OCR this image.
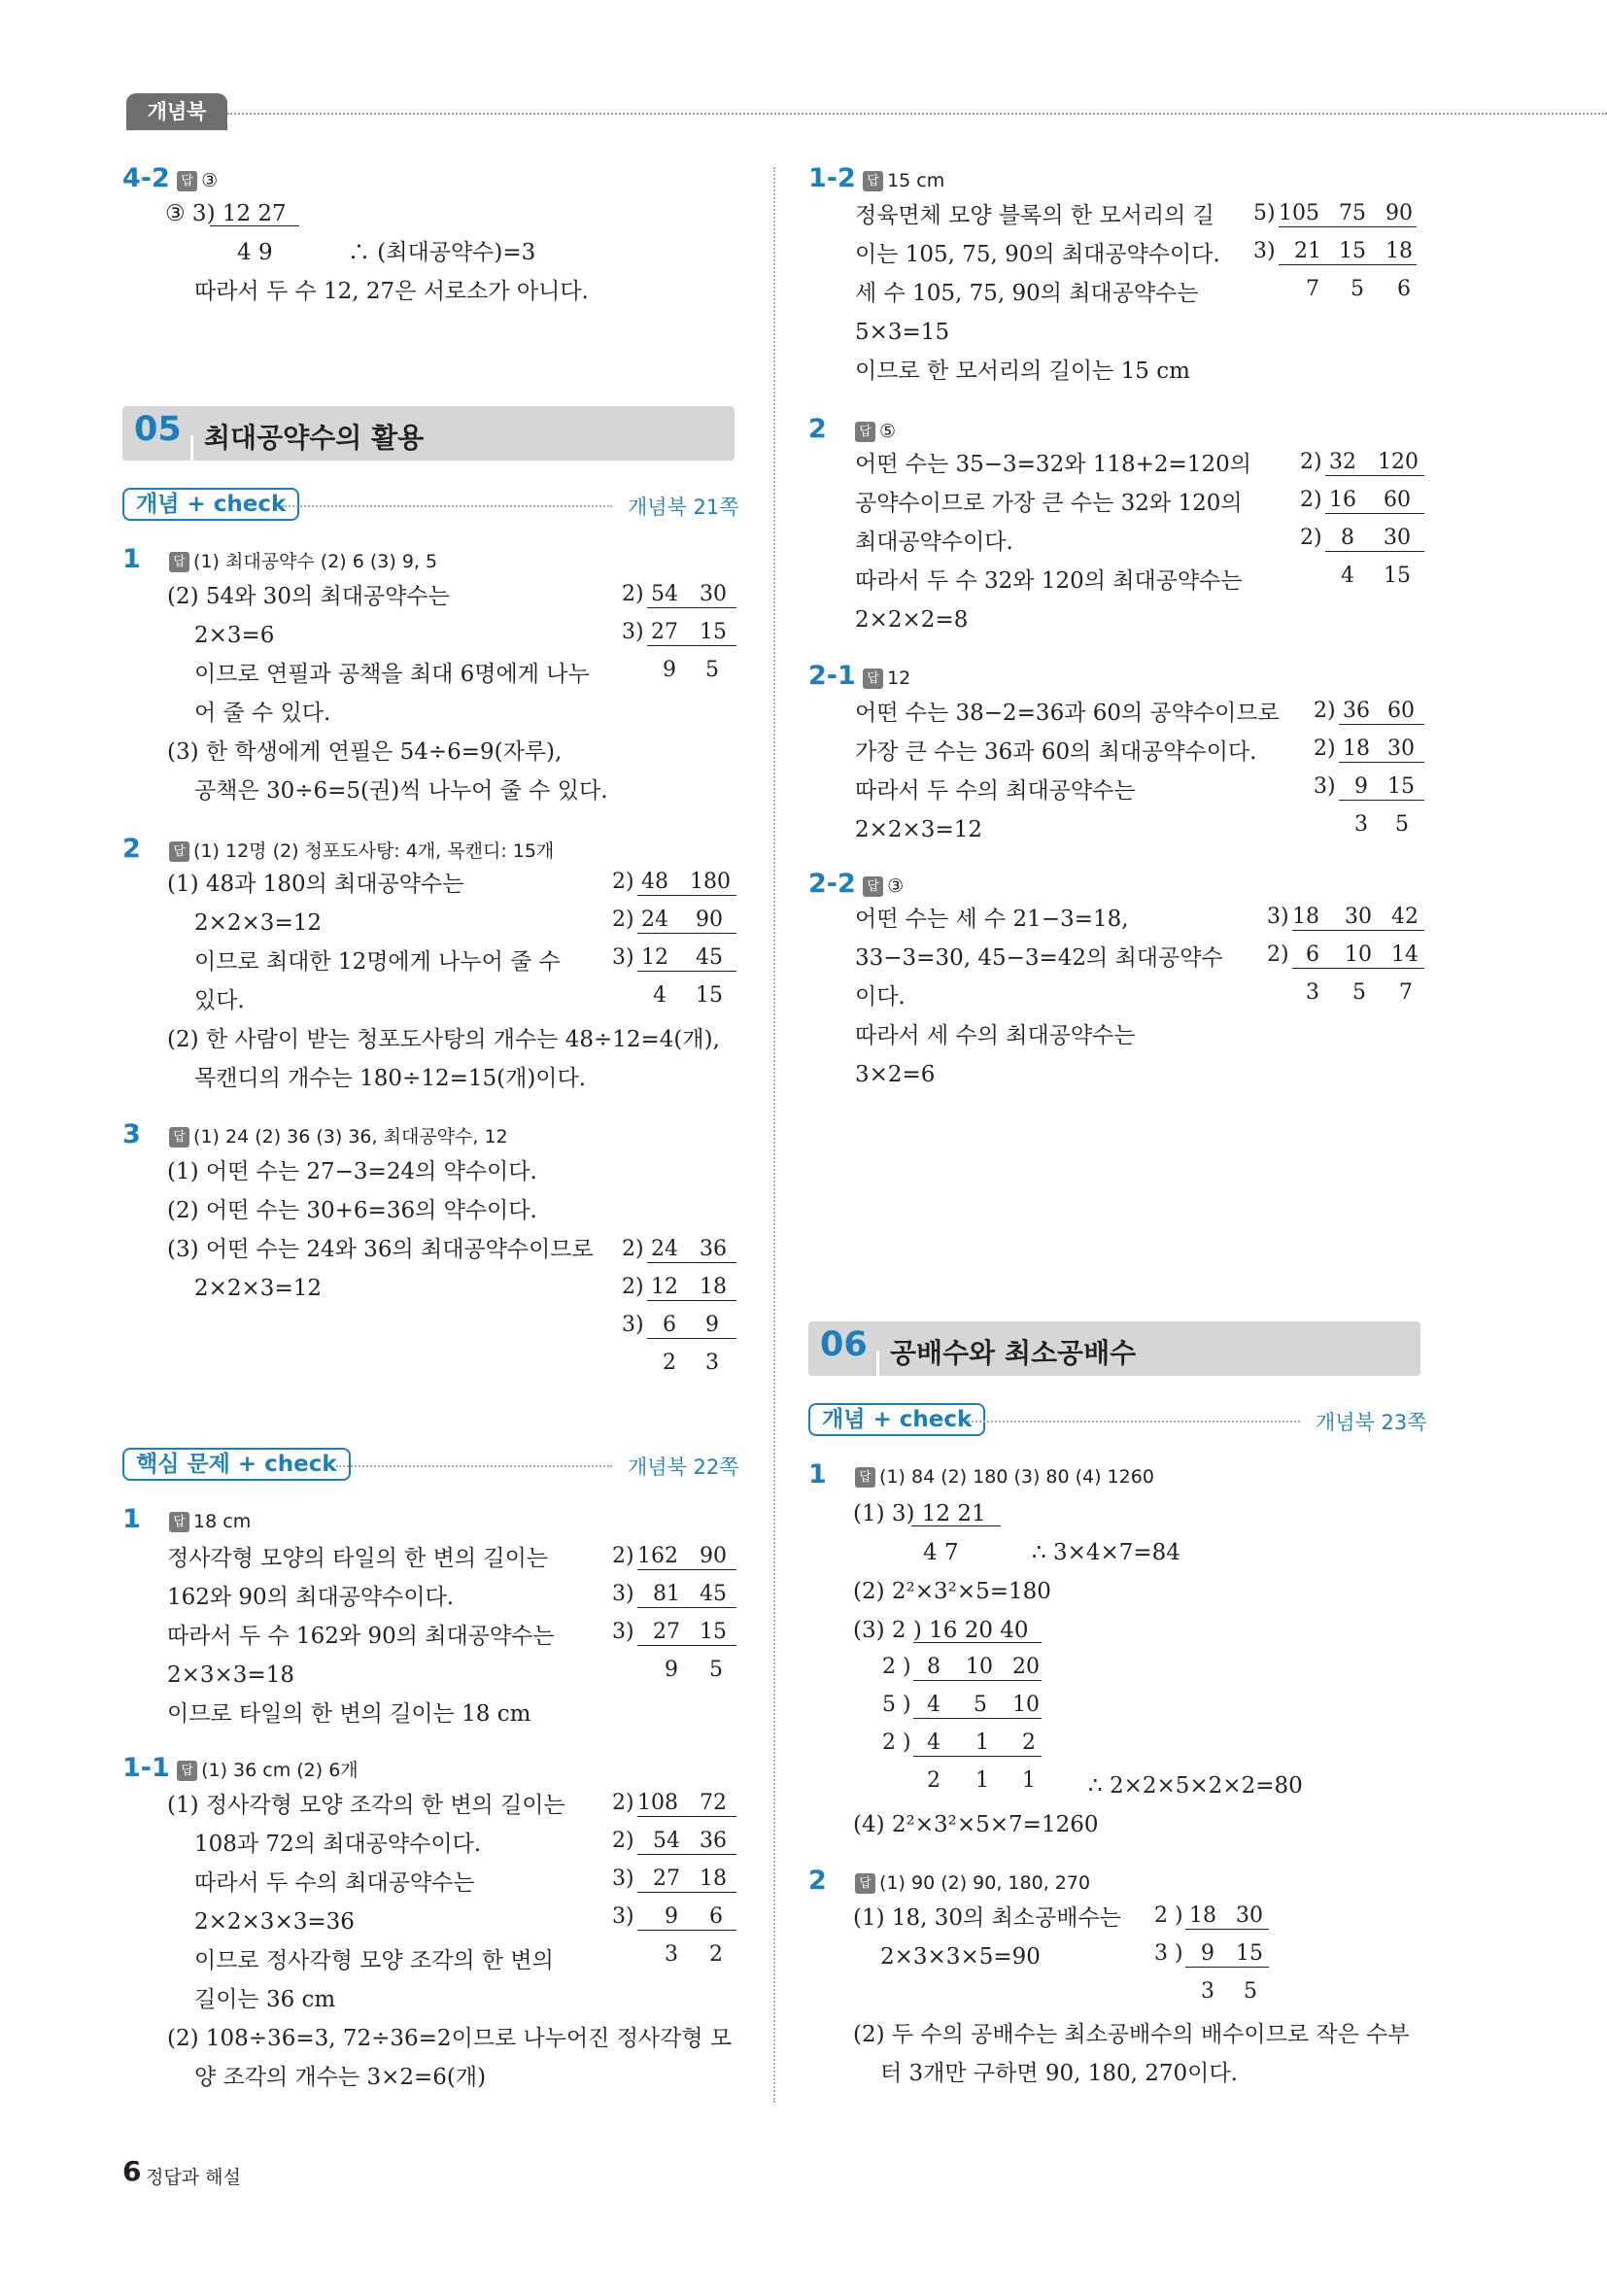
개념북
4-2 답 ③
③ 3) 12 27
4 9	∴ (최대공약수)=3
따라서 두 수 12, 27은 서로소가 아니다.
05 최대공약수의 활용
개념 + check	개념북 21쪽
1	답 (1) 최대공약수 (2) 6 (3) 9, 5
(2) 54와 30의 최대공약수는
2×3=6
이므로 연필과 공책을 최대 6명에게 나누
어 줄 수 있다.
(3) 한 학생에게 연필은 54÷6=9(자루),
공책은 30÷6=5(권)씩 나누어 줄 수 있다.
2) 54 30
3) 27 15
9 5
2	답 (1) 12명 (2) 청포도사탕: 4개, 목캔디: 15개
(1) 48과 180의 최대공약수는
2×2×3=12
이므로 최대한 12명에게 나누어 줄 수
있다.
(2) 한 사람이 받는 청포도사탕의 개수는 48÷12=4(개),
목캔디의 개수는 180÷12=15(개)이다.
2) 48 180
2) 24 90
3) 12 45
4 15
3	답 (1) 24 (2) 36 (3) 36, 최대공약수, 12
(1) 어떤 수는 27−3=24의 약수이다.
(2) 어떤 수는 30+6=36의 약수이다.
(3) 어떤 수는 24와 36의 최대공약수이므로
2×2×3=12
2) 24 36
2) 12 18
3) 6 9
2 3
핵심 문제 + check	개념북 22쪽
1	답 18 cm
정사각형 모양의 타일의 한 변의 길이는
162와 90의 최대공약수이다.
따라서 두 수 162와 90의 최대공약수는
2×3×3=18
이므로 타일의 한 변의 길이는 18 cm
2) 162 90
3) 81 45
3) 27 15
9 5
1-1 답 (1) 36 cm (2) 6개
(1) 정사각형 모양 조각의 한 변의 길이는
108과 72의 최대공약수이다.
따라서 두 수의 최대공약수는
2×2×3×3=36
이므로 정사각형 모양 조각의 한 변의
길이는 36 cm
(2) 108÷36=3, 72÷36=2이므로 나누어진 정사각형 모
양 조각의 개수는 3×2=6(개)
2) 108 72
2) 54 36
3) 27 18
3) 9 6
3 2
1-2 답 15 cm
정육면체 모양 블록의 한 모서리의 길
이는 105, 75, 90의 최대공약수이다.
세 수 105, 75, 90의 최대공약수는
5×3=15
이므로 한 모서리의 길이는 15 cm
5) 105 75 90
3) 21 15 18
7 5 6
2	답 ⑤
어떤 수는 35−3=32와 118+2=120의
공약수이므로 가장 큰 수는 32와 120의
최대공약수이다.
따라서 두 수 32와 120의 최대공약수는
2×2×2=8
2) 32 120
2) 16 60
2) 8 30
4 15
2-1 답 12
어떤 수는 38−2=36과 60의 공약수이므로
가장 큰 수는 36과 60의 최대공약수이다.
따라서 두 수의 최대공약수는
2×2×3=12
2) 36 60
2) 18 30
3) 9 15
3 5
2-2 답 ③
어떤 수는 세 수 21−3=18,
33−3=30, 45−3=42의 최대공약수
이다.
따라서 세 수의 최대공약수는
3×2=6
3) 18 30 42
2) 6 10 14
3 5 7
06 공배수와 최소공배수
개념 + check	개념북 23쪽
1	답 (1) 84 (2) 180 (3) 80 (4) 1260
(1) 3) 12 21
4 7	∴ 3×4×7=84
(2) 2²×3²×5=180
(3) 2 ) 16 20 40
2 ) 8 10 20
5 ) 4 5 10
2 ) 4 1 2
2 1 1 ∴ 2×2×5×2×2=80
(4) 2²×3²×5×7=1260
2	답 (1) 90 (2) 90, 180, 270
(1) 18, 30의 최소공배수는
2×3×3×5=90
(2) 두 수의 공배수는 최소공배수의 배수이므로 작은 수부
터 3개만 구하면 90, 180, 270이다.
2 ) 18 30
3 ) 9 15
3 5
6 정답과 해설
